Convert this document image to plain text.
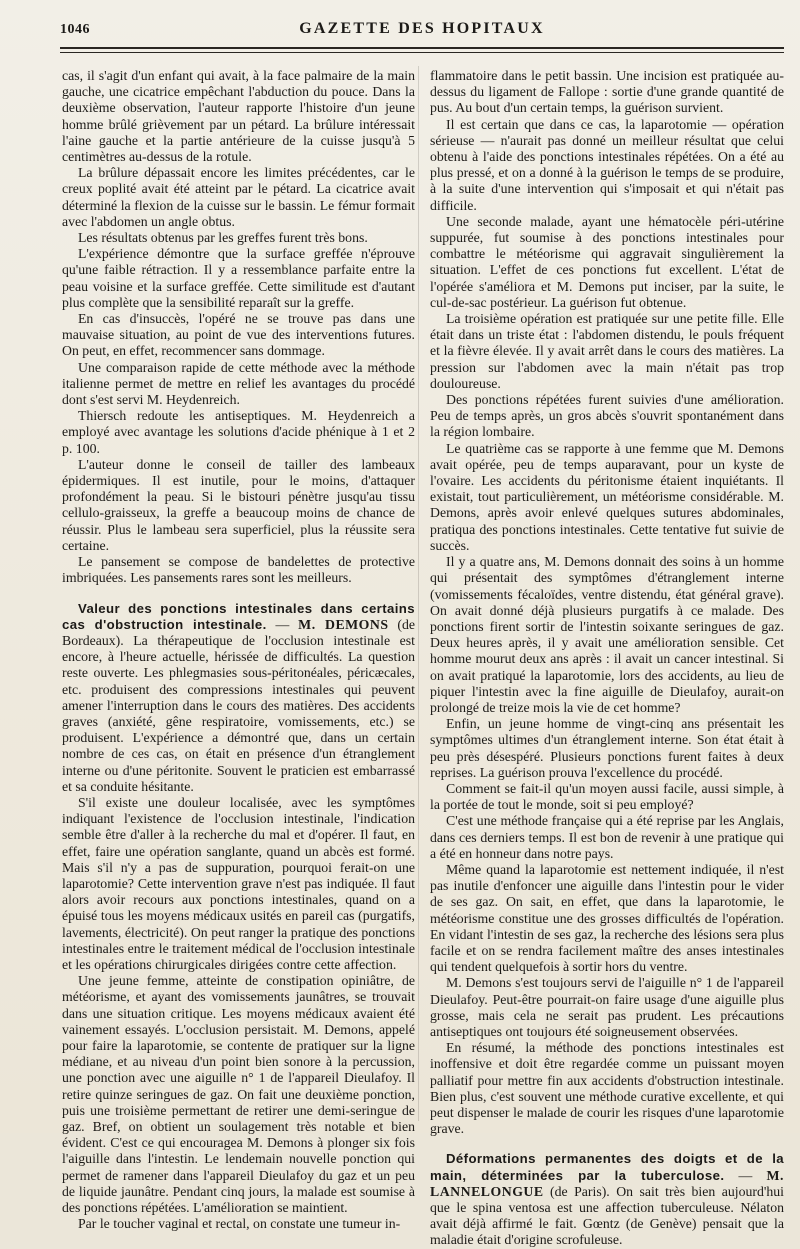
1046	GAZETTE DES HOPITAUX

cas, il s'agit d'un enfant qui avait, à la face palmaire de la main gauche, une cicatrice empêchant l'abduction du pouce. Dans la deuxième observation, l'auteur rapporte l'histoire d'un jeune homme brûlé grièvement par un pétard. La brûlure intéressait l'aine gauche et la partie antérieure de la cuisse jusqu'à 5 centimètres au-dessus de la rotule.

La brûlure dépassait encore les limites précédentes, car le creux poplité avait été atteint par le pétard. La cicatrice avait déterminé la flexion de la cuisse sur le bassin. Le fémur formait avec l'abdomen un angle obtus.

Les résultats obtenus par les greffes furent très bons.

L'expérience démontre que la surface greffée n'éprouve qu'une faible rétraction. Il y a ressemblance parfaite entre la peau voisine et la surface greffée. Cette similitude est d'autant plus complète que la sensibilité reparaît sur la greffe.

En cas d'insuccès, l'opéré ne se trouve pas dans une mauvaise situation, au point de vue des interventions futures. On peut, en effet, recommencer sans dommage.

Une comparaison rapide de cette méthode avec la méthode italienne permet de mettre en relief les avantages du procédé dont s'est servi M. Heydenreich.

Thiersch redoute les antiseptiques. M. Heydenreich a employé avec avantage les solutions d'acide phénique à 1 et 2 p. 100.

L'auteur donne le conseil de tailler des lambeaux épidermiques. Il est inutile, pour le moins, d'attaquer profondément la peau. Si le bistouri pénètre jusqu'au tissu cellulo-graisseux, la greffe a beaucoup moins de chance de réussir. Plus le lambeau sera superficiel, plus la réussite sera certaine.

Le pansement se compose de bandelettes de protective imbriquées. Les pansements rares sont les meilleurs.

Valeur des ponctions intestinales dans certains cas d'obstruction intestinale. — M. DEMONS (de Bordeaux). La thérapeutique de l'occlusion intestinale est encore, à l'heure actuelle, hérissée de difficultés. La question reste ouverte. Les phlegmasies sous-péritonéales, péricæcales, etc. produisent des compressions intestinales qui peuvent amener l'interruption dans le cours des matières. Des accidents graves (anxiété, gêne respiratoire, vomissements, etc.) se produisent. L'expérience a démontré que, dans un certain nombre de ces cas, on était en présence d'un étranglement interne ou d'une péritonite. Souvent le praticien est embarrassé et sa conduite hésitante.

S'il existe une douleur localisée, avec les symptômes indiquant l'existence de l'occlusion intestinale, l'indication semble être d'aller à la recherche du mal et d'opérer. Il faut, en effet, faire une opération sanglante, quand un abcès est formé. Mais s'il n'y a pas de suppuration, pourquoi ferait-on une laparotomie? Cette intervention grave n'est pas indiquée. Il faut alors avoir recours aux ponctions intestinales, quand on a épuisé tous les moyens médicaux usités en pareil cas (purgatifs, lavements, électricité). On peut ranger la pratique des ponctions intestinales entre le traitement médical de l'occlusion intestinale et les opérations chirurgicales dirigées contre cette affection.

Une jeune femme, atteinte de constipation opiniâtre, de météorisme, et ayant des vomissements jaunâtres, se trouvait dans une situation critique. Les moyens médicaux avaient été vainement essayés. L'occlusion persistait. M. Demons, appelé pour faire la laparotomie, se contente de pratiquer sur la ligne médiane, et au niveau d'un point bien sonore à la percussion, une ponction avec une aiguille n° 1 de l'appareil Dieulafoy. Il retire quinze seringues de gaz. On fait une deuxième ponction, puis une troisième permettant de retirer une demi-seringue de gaz. Bref, on obtient un soulagement très notable et bien évident. C'est ce qui encouragea M. Demons à plonger six fois l'aiguille dans l'intestin. Le lendemain nouvelle ponction qui permet de ramener dans l'appareil Dieulafoy du gaz et un peu de liquide jaunâtre. Pendant cinq jours, la malade est soumise à des ponctions répétées. L'amélioration se maintient.

Par le toucher vaginal et rectal, on constate une tumeur in-

flammatoire dans le petit bassin. Une incision est pratiquée au-dessus du ligament de Fallope : sortie d'une grande quantité de pus. Au bout d'un certain temps, la guérison survient.

Il est certain que dans ce cas, la laparotomie — opération sérieuse — n'aurait pas donné un meilleur résultat que celui obtenu à l'aide des ponctions intestinales répétées. On a été au plus pressé, et on a donné à la guérison le temps de se produire, à la suite d'une intervention qui s'imposait et qui n'était pas difficile.

Une seconde malade, ayant une hématocèle péri-utérine suppurée, fut soumise à des ponctions intestinales pour combattre le météorisme qui aggravait singulièrement la situation. L'effet de ces ponctions fut excellent. L'état de l'opérée s'améliora et M. Demons put inciser, par la suite, le cul-de-sac postérieur. La guérison fut obtenue.

La troisième opération est pratiquée sur une petite fille. Elle était dans un triste état : l'abdomen distendu, le pouls fréquent et la fièvre élevée. Il y avait arrêt dans le cours des matières. La pression sur l'abdomen avec la main n'était pas trop douloureuse.

Des ponctions répétées furent suivies d'une amélioration. Peu de temps après, un gros abcès s'ouvrit spontanément dans la région lombaire.

Le quatrième cas se rapporte à une femme que M. Demons avait opérée, peu de temps auparavant, pour un kyste de l'ovaire. Les accidents du péritonisme étaient inquiétants. Il existait, tout particulièrement, un météorisme considérable. M. Demons, après avoir enlevé quelques sutures abdominales, pratiqua des ponctions intestinales. Cette tentative fut suivie de succès.

Il y a quatre ans, M. Demons donnait des soins à un homme qui présentait des symptômes d'étranglement interne (vomissements fécaloïdes, ventre distendu, état général grave). On avait donné déjà plusieurs purgatifs à ce malade. Des ponctions firent sortir de l'intestin soixante seringues de gaz. Deux heures après, il y avait une amélioration sensible. Cet homme mourut deux ans après : il avait un cancer intestinal. Si on avait pratiqué la laparotomie, lors des accidents, au lieu de piquer l'intestin avec la fine aiguille de Dieulafoy, aurait-on prolongé de treize mois la vie de cet homme?

Enfin, un jeune homme de vingt-cinq ans présentait les symptômes ultimes d'un étranglement interne. Son état était à peu près désespéré. Plusieurs ponctions furent faites à deux reprises. La guérison prouva l'excellence du procédé.

Comment se fait-il qu'un moyen aussi facile, aussi simple, à la portée de tout le monde, soit si peu employé?

C'est une méthode française qui a été reprise par les Anglais, dans ces derniers temps. Il est bon de revenir à une pratique qui a été en honneur dans notre pays.

Même quand la laparotomie est nettement indiquée, il n'est pas inutile d'enfoncer une aiguille dans l'intestin pour le vider de ses gaz. On sait, en effet, que dans la laparotomie, le météorisme constitue une des grosses difficultés de l'opération. En vidant l'intestin de ses gaz, la recherche des lésions sera plus facile et on se rendra facilement maître des anses intestinales qui tendent quelquefois à sortir hors du ventre.

M. Demons s'est toujours servi de l'aiguille n° 1 de l'appareil Dieulafoy. Peut-être pourrait-on faire usage d'une aiguille plus grosse, mais cela ne serait pas prudent. Les précautions antiseptiques ont toujours été soigneusement observées.

En résumé, la méthode des ponctions intestinales est inoffensive et doit être regardée comme un puissant moyen palliatif pour mettre fin aux accidents d'obstruction intestinale. Bien plus, c'est souvent une méthode curative excellente, et qui peut dispenser le malade de courir les risques d'une laparotomie grave.

Déformations permanentes des doigts et de la main, déterminées par la tuberculose. — M. LANNELONGUE (de Paris). On sait très bien aujourd'hui que le spina ventosa est une affection tuberculeuse. Nélaton avait déjà affirmé le fait. Gœntz (de Genève) pensait que la maladie était d'origine scrofuleuse.
